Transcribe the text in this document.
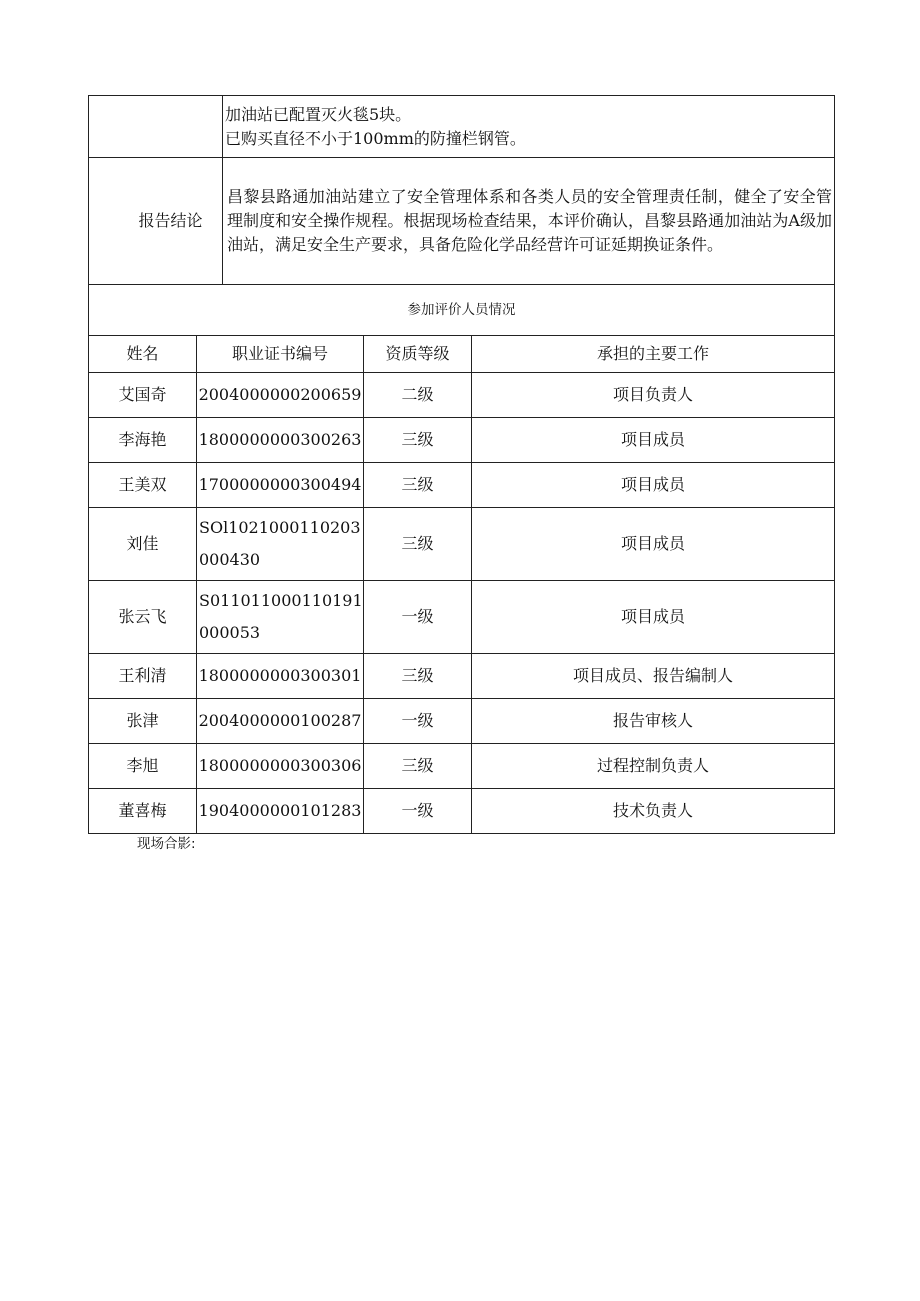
		加油站已配置灭火毯5块。
已购买直径不小于100mm的防撞栏钢管。		

报告结论		昌黎县路通加油站建立了安全管理体系和各类人员的安全管理责任制，健全了安全管理制度和安全操作规程。根据现场检查结果，本评价确认，昌黎县路通加油站为A级加油站，满足安全生产要求，具备危险化学品经营许可证延期换证条件。		
参加评价人员情况				
姓名	职业证书编号		资质等级	承担的主要工作
艾国奇	2004000000200659		二级	项目负责人
李海艳	1800000000300263		三级	项目成员
王美双	1700000000300494		三级	项目成员
刘佳	SOl1021000110203
000430		三级	项目成员
张云飞	S011011000110191
000053		一级	项目成员
王利清	1800000000300301		三级	项目成员、报告编制人
张津	2004000000100287		一级	报告审核人
李旭	1800000000300306		三级	过程控制负责人
董喜梅	1904000000101283		一级	技术负责人
现场合影:
